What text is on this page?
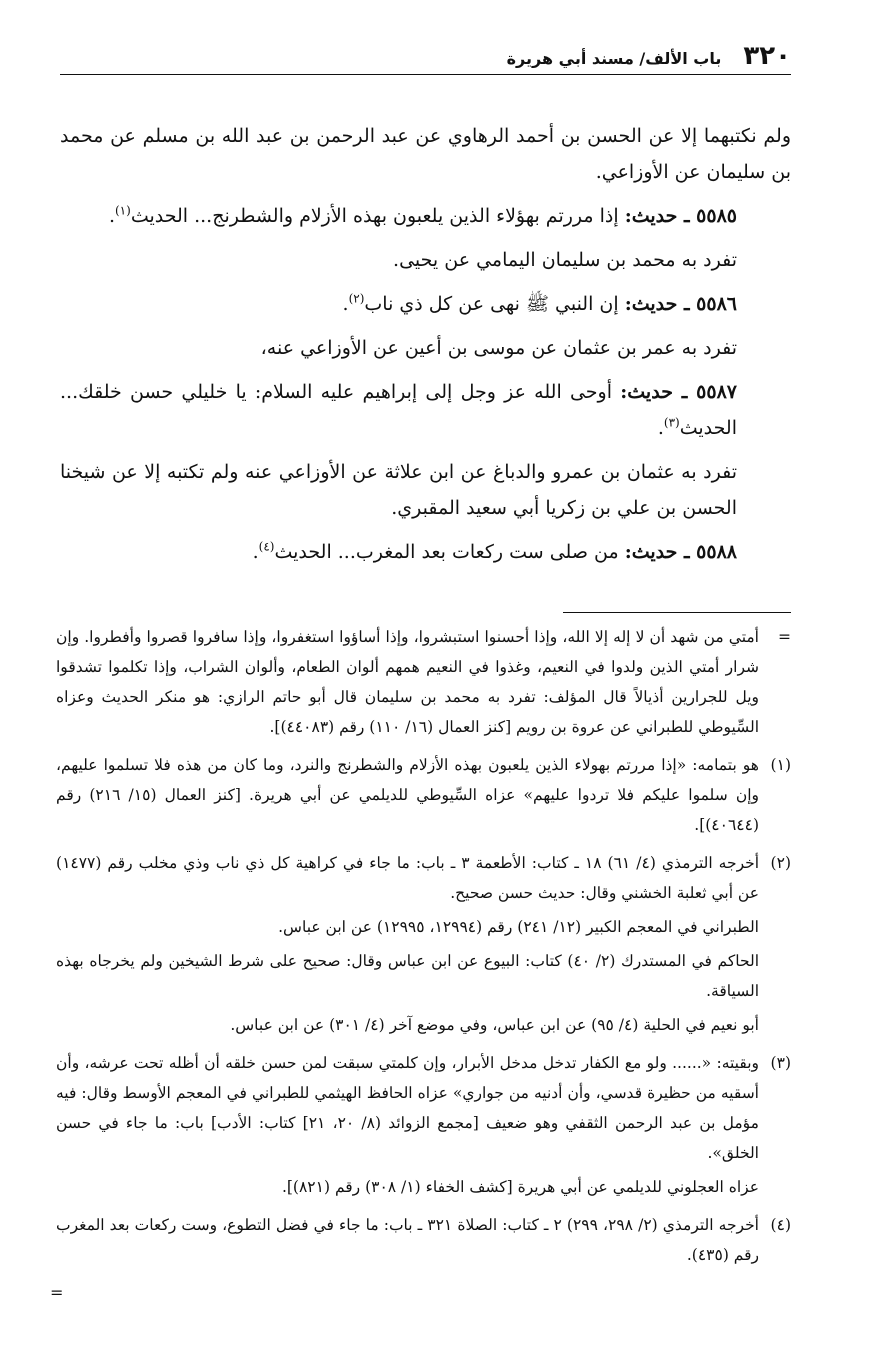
٣٢٠
باب الألف/ مسند أبي هريرة

ولم نكتبهما إلا عن الحسن بن أحمد الرهاوي عن عبد الرحمن بن عبد الله بن مسلم عن محمد بن سليمان عن الأوزاعي.

٥٥٨٥ ـ حديث: إذا مررتم بهؤلاء الذين يلعبون بهذه الأزلام والشطرنج... الحديث$^{(١)}$.

تفرد به محمد بن سليمان اليمامي عن يحيى.

٥٥٨٦ ـ حديث: إن النبي ﷺ نهى عن كل ذي ناب$^{(٢)}$.

تفرد به عمر بن عثمان عن موسى بن أعين عن الأوزاعي عنه،

٥٥٨٧ ـ حديث: أوحى الله عز وجل إلى إبراهيم عليه السلام: يا خليلي حسن خلقك... الحديث$^{(٣)}$.

تفرد به عثمان بن عمرو والدباغ عن ابن علاثة عن الأوزاعي عنه ولم تكتبه إلا عن شيخنا الحسن بن علي بن زكريا أبي سعيد المقبري.

٥٥٨٨ ـ حديث: من صلى ست ركعات بعد المغرب... الحديث$^{(٤)}$.

=

أمتي من شهد أن لا إله إلا الله، وإذا أحسنوا استبشروا، وإذا أساؤوا استغفروا، وإذا سافروا قصروا وأفطروا. وإن شرار أمتي الذين ولدوا في النعيم، وغذوا في النعيم همهم ألوان الطعام، وألوان الشراب، وإذا تكلموا تشدقوا ويل للجرارين أذيالاً قال المؤلف: تفرد به محمد بن سليمان قال أبو حاتم الرازي: هو منكر الحديث وعزاه السِّيوطي للطبراني عن عروة بن رويم [كنز العمال (١٦/ ١١٠) رقم (٤٤٠٨٣)].

(١)

هو بتمامه: «إذا مررتم بهولاء الذين يلعبون بهذه الأزلام والشطرنج والنرد، وما كان من هذه فلا تسلموا عليهم، وإن سلموا عليكم فلا تردوا عليهم» عزاه السِّيوطي للديلمي عن أبي هريرة. [كنز العمال (١٥/ ٢١٦) رقم (٤٠٦٤٤)].

(٢)

أخرجه الترمذي (٤/ ٦١) ١٨ ـ كتاب: الأطعمة ٣ ـ باب: ما جاء في كراهية كل ذي ناب وذي مخلب رقم (١٤٧٧) عن أبي ثعلبة الخشني وقال: حديث حسن صحيح.

الطبراني في المعجم الكبير (١٢/ ٢٤١) رقم (١٢٩٩٤، ١٢٩٩٥) عن ابن عباس.

الحاكم في المستدرك (٢/ ٤٠) كتاب: البيوع عن ابن عباس وقال: صحيح على شرط الشيخين ولم يخرجاه بهذه السياقة.

أبو نعيم في الحلية (٤/ ٩٥) عن ابن عباس، وفي موضع آخر (٤/ ٣٠١) عن ابن عباس.

(٣)

وبقيته: «...... ولو مع الكفار تدخل مدخل الأبرار، وإن كلمتي سبقت لمن حسن خلقه أن أظله تحت عرشه، وأن أسقيه من حظيرة قدسي، وأن أدنيه من جواري» عزاه الحافظ الهيثمي للطبراني في المعجم الأوسط وقال: فيه مؤمل بن عبد الرحمن الثقفي وهو ضعيف [مجمع الزوائد (٨/ ٢٠، ٢١] كتاب: الأدب] باب: ما جاء في حسن الخلق».

عزاه العجلوني للديلمي عن أبي هريرة [كشف الخفاء (١/ ٣٠٨) رقم (٨٢١)].

(٤)

أخرجه الترمذي (٢/ ٢٩٨، ٢٩٩) ٢ ـ كتاب: الصلاة ٣٢١ ـ باب: ما جاء في فضل التطوع، وست ركعات بعد المغرب رقم (٤٣٥).

=
